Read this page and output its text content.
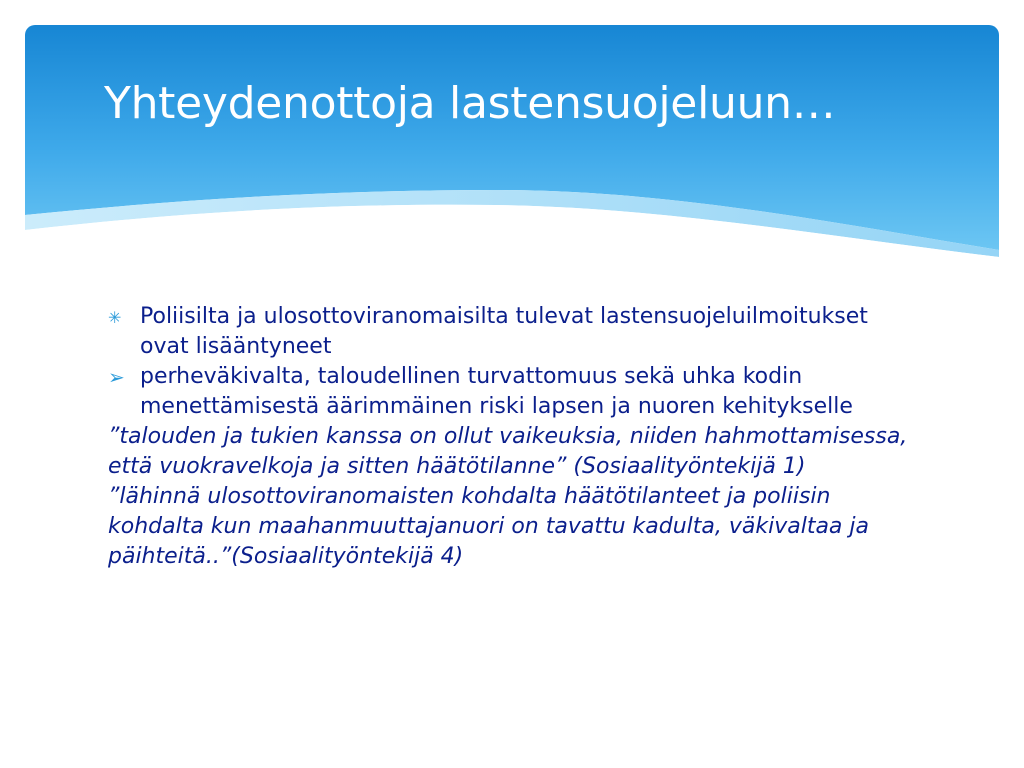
Yhteydenottoja lastensuojeluun…

✳ Poliisilta ja ulosottoviranomaisilta tulevat lastensuojeluilmoitukset ovat lisääntyneet

➢ perheväkivalta, taloudellinen turvattomuus sekä uhka kodin menettämisestä äärimmäinen riski lapsen ja nuoren kehitykselle

”talouden ja tukien kanssa on ollut vaikeuksia, niiden hahmottamisessa, että vuokravelkoja ja sitten häätötilanne” (Sosiaalityöntekijä 1)

”lähinnä ulosottoviranomaisten kohdalta häätötilanteet ja poliisin kohdalta kun maahanmuuttajanuori on tavattu kadulta, väkivaltaa ja päihteitä..”(Sosiaalityöntekijä 4)
